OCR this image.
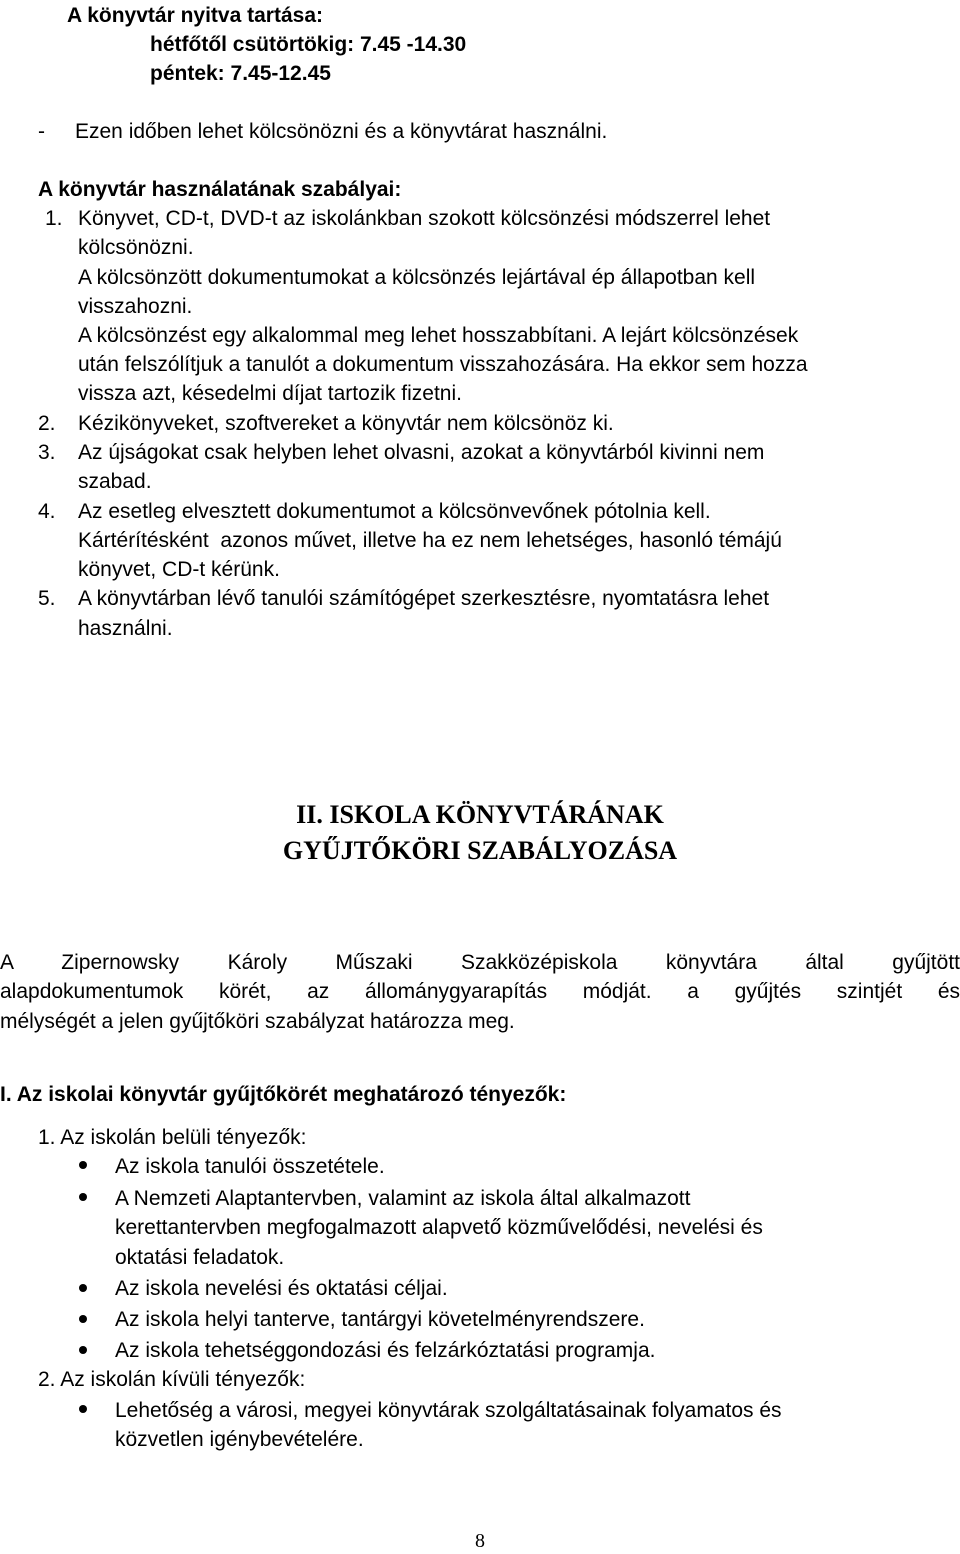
A könyvtár nyitva tartása:
hétfőtől csütörtökig: 7.45 -14.30
péntek: 7.45-12.45
- Ezen időben lehet kölcsönözni és a könyvtárat használni.
A könyvtár használatának szabályai:
1. Könyvet, CD-t, DVD-t az iskolánkban szokott kölcsönzési módszerrel lehet
kölcsönözni.
A kölcsönzött dokumentumokat a kölcsönzés lejártával ép állapotban kell
visszahozni.
A kölcsönzést egy alkalommal meg lehet hosszabbítani. A lejárt kölcsönzések
után felszólítjuk a tanulót a dokumentum visszahozására. Ha ekkor sem hozza
vissza azt, késedelmi díjat tartozik fizetni.
2. Kézikönyveket, szoftvereket a könyvtár nem kölcsönöz ki.
3. Az újságokat csak helyben lehet olvasni, azokat a könyvtárból kivinni nem
szabad.
4. Az esetleg elvesztett dokumentumot a kölcsönvevőnek pótolnia kell.
Kártérítésként  azonos művet, illetve ha ez nem lehetséges, hasonló témájú
könyvet, CD-t kérünk.
5. A könyvtárban lévő tanulói számítógépet szerkesztésre, nyomtatásra lehet
használni.
II. ISKOLA KÖNYVTÁRÁNAK
GYŰJTŐKÖRI SZABÁLYOZÁSA
A Zipernowsky Károly Műszaki Szakközépiskola könyvtára által gyűjtött
alapdokumentumok körét, az állománygyarapítás módját. a gyűjtés szintjét és
mélységét a jelen gyűjtőköri szabályzat határozza meg.
I. Az iskolai könyvtár gyűjtőkörét meghatározó tényezők:
1. Az iskolán belüli tényezők:
Az iskola tanulói összetétele.
A Nemzeti Alaptantervben, valamint az iskola által alkalmazott
kerettantervben megfogalmazott alapvető közművelődési, nevelési és
oktatási feladatok.
Az iskola nevelési és oktatási céljai.
Az iskola helyi tanterve, tantárgyi követelményrendszere.
Az iskola tehetséggondozási és felzárkóztatási programja.
2. Az iskolán kívüli tényezők:
Lehetőség a városi, megyei könyvtárak szolgáltatásainak folyamatos és
közvetlen igénybevételére.
8
